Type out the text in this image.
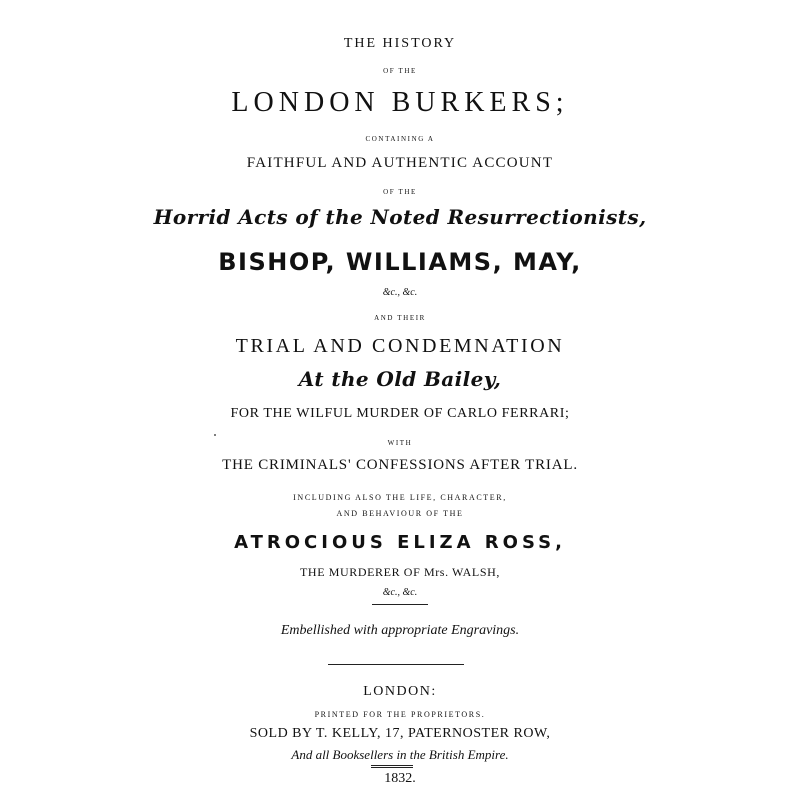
THE HISTORY
OF THE
LONDON BURKERS;
CONTAINING A
FAITHFUL AND AUTHENTIC ACCOUNT
OF THE
Horrid Acts of the Noted Resurrectionists,
BISHOP, WILLIAMS, MAY,
&c., &c.
AND THEIR
TRIAL AND CONDEMNATION
At the Old Bailey,
FOR THE WILFUL MURDER OF CARLO FERRARI;
WITH
THE CRIMINALS' CONFESSIONS AFTER TRIAL.
INCLUDING ALSO THE LIFE, CHARACTER,
AND BEHAVIOUR OF THE
ATROCIOUS ELIZA ROSS,
THE MURDERER OF Mrs. WALSH,
&c., &c.
Embellished with appropriate Engravings.
LONDON:
PRINTED FOR THE PROPRIETORS.
SOLD BY T. KELLY, 17, PATERNOSTER ROW,
And all Booksellers in the British Empire.
1832.
